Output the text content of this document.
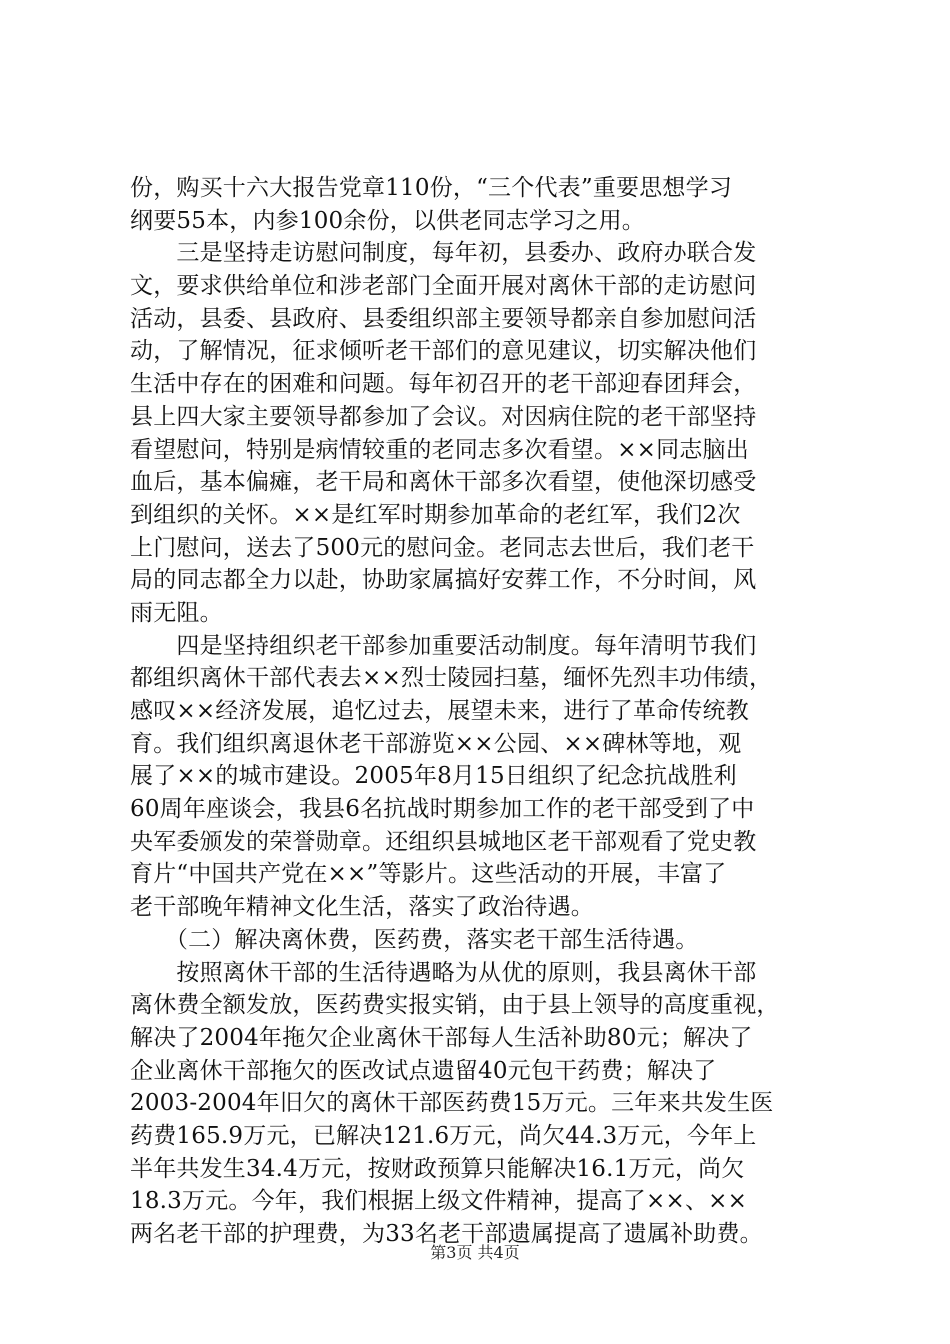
份，购买十六大报告党章110份，“三个代表”重要思想学习
纲要55本，内参100余份，以供老同志学习之用。
　　三是坚持走访慰问制度，每年初，县委办、政府办联合发
文，要求供给单位和涉老部门全面开展对离休干部的走访慰问
活动，县委、县政府、县委组织部主要领导都亲自参加慰问活
动，了解情况，征求倾听老干部们的意见建议，切实解决他们
生活中存在的困难和问题。每年初召开的老干部迎春团拜会，
县上四大家主要领导都参加了会议。对因病住院的老干部坚持
看望慰问，特别是病情较重的老同志多次看望。××同志脑出
血后，基本偏瘫，老干局和离休干部多次看望，使他深切感受
到组织的关怀。××是红军时期参加革命的老红军，我们2次
上门慰问，送去了500元的慰问金。老同志去世后，我们老干
局的同志都全力以赴，协助家属搞好安葬工作，不分时间，风
雨无阻。
　　四是坚持组织老干部参加重要活动制度。每年清明节我们
都组织离休干部代表去××烈士陵园扫墓，缅怀先烈丰功伟绩，
感叹××经济发展，追忆过去，展望未来，进行了革命传统教
育。我们组织离退休老干部游览××公园、××碑林等地，观
展了××的城市建设。2005年8月15日组织了纪念抗战胜利
60周年座谈会，我县6名抗战时期参加工作的老干部受到了中
央军委颁发的荣誉勋章。还组织县城地区老干部观看了党史教
育片“中国共产党在××”等影片。这些活动的开展，丰富了
老干部晚年精神文化生活，落实了政治待遇。
　　（二）解决离休费，医药费，落实老干部生活待遇。
　　按照离休干部的生活待遇略为从优的原则，我县离休干部
离休费全额发放，医药费实报实销，由于县上领导的高度重视，
解决了2004年拖欠企业离休干部每人生活补助80元；解决了
企业离休干部拖欠的医改试点遗留40元包干药费；解决了
2003-2004年旧欠的离休干部医药费15万元。三年来共发生医
药费165.9万元，已解决121.6万元，尚欠44.3万元，今年上
半年共发生34.4万元，按财政预算只能解决16.1万元，尚欠
18.3万元。今年，我们根据上级文件精神，提高了××、××
两名老干部的护理费，为33名老干部遗属提高了遗属补助费。
第3页 共4页
